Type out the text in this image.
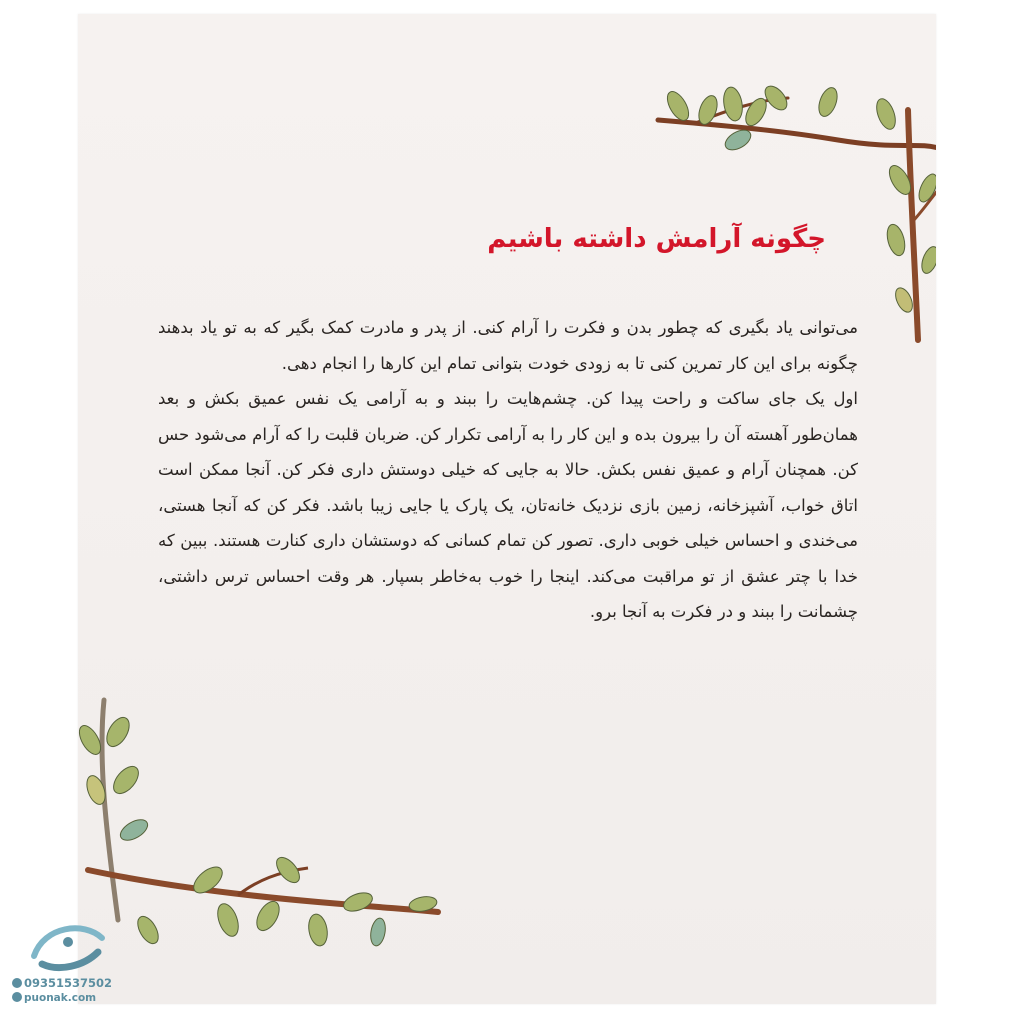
چگونه آرامش داشته باشیم

می‌توانی یاد بگیری که چطور بدن و فکرت را آرام کنی. از پدر و مادرت کمک بگیر که به تو یاد بدهند چگونه برای این کار تمرین کنی تا به زودی خودت بتوانی تمام این کارها را انجام دهی.

اول یک جای ساکت و راحت پیدا کن. چشم‌هایت را ببند و به آرامی یک نفس عمیق بکش و بعد همان‌طور آهسته آن را بیرون بده و این کار را به آرامی تکرار کن. ضربان قلبت را که آرام می‌شود حس کن. همچنان آرام و عمیق نفس بکش. حالا به جایی که خیلی دوستش داری فکر کن. آنجا ممکن است اتاق خواب، آشپزخانه، زمین بازی نزدیک خانه‌تان، یک پارک یا جایی زیبا باشد. فکر کن که آنجا هستی، می‌خندی و احساس خیلی خوبی داری. تصور کن تمام کسانی که دوستشان داری کنارت هستند. ببین که خدا با چتر عشق از تو مراقبت می‌کند. اینجا را خوب به‌خاطر بسپار. هر وقت احساس ترس داشتی، چشمانت را ببند و در فکرت به آنجا برو.

09351537502
puonak.com
